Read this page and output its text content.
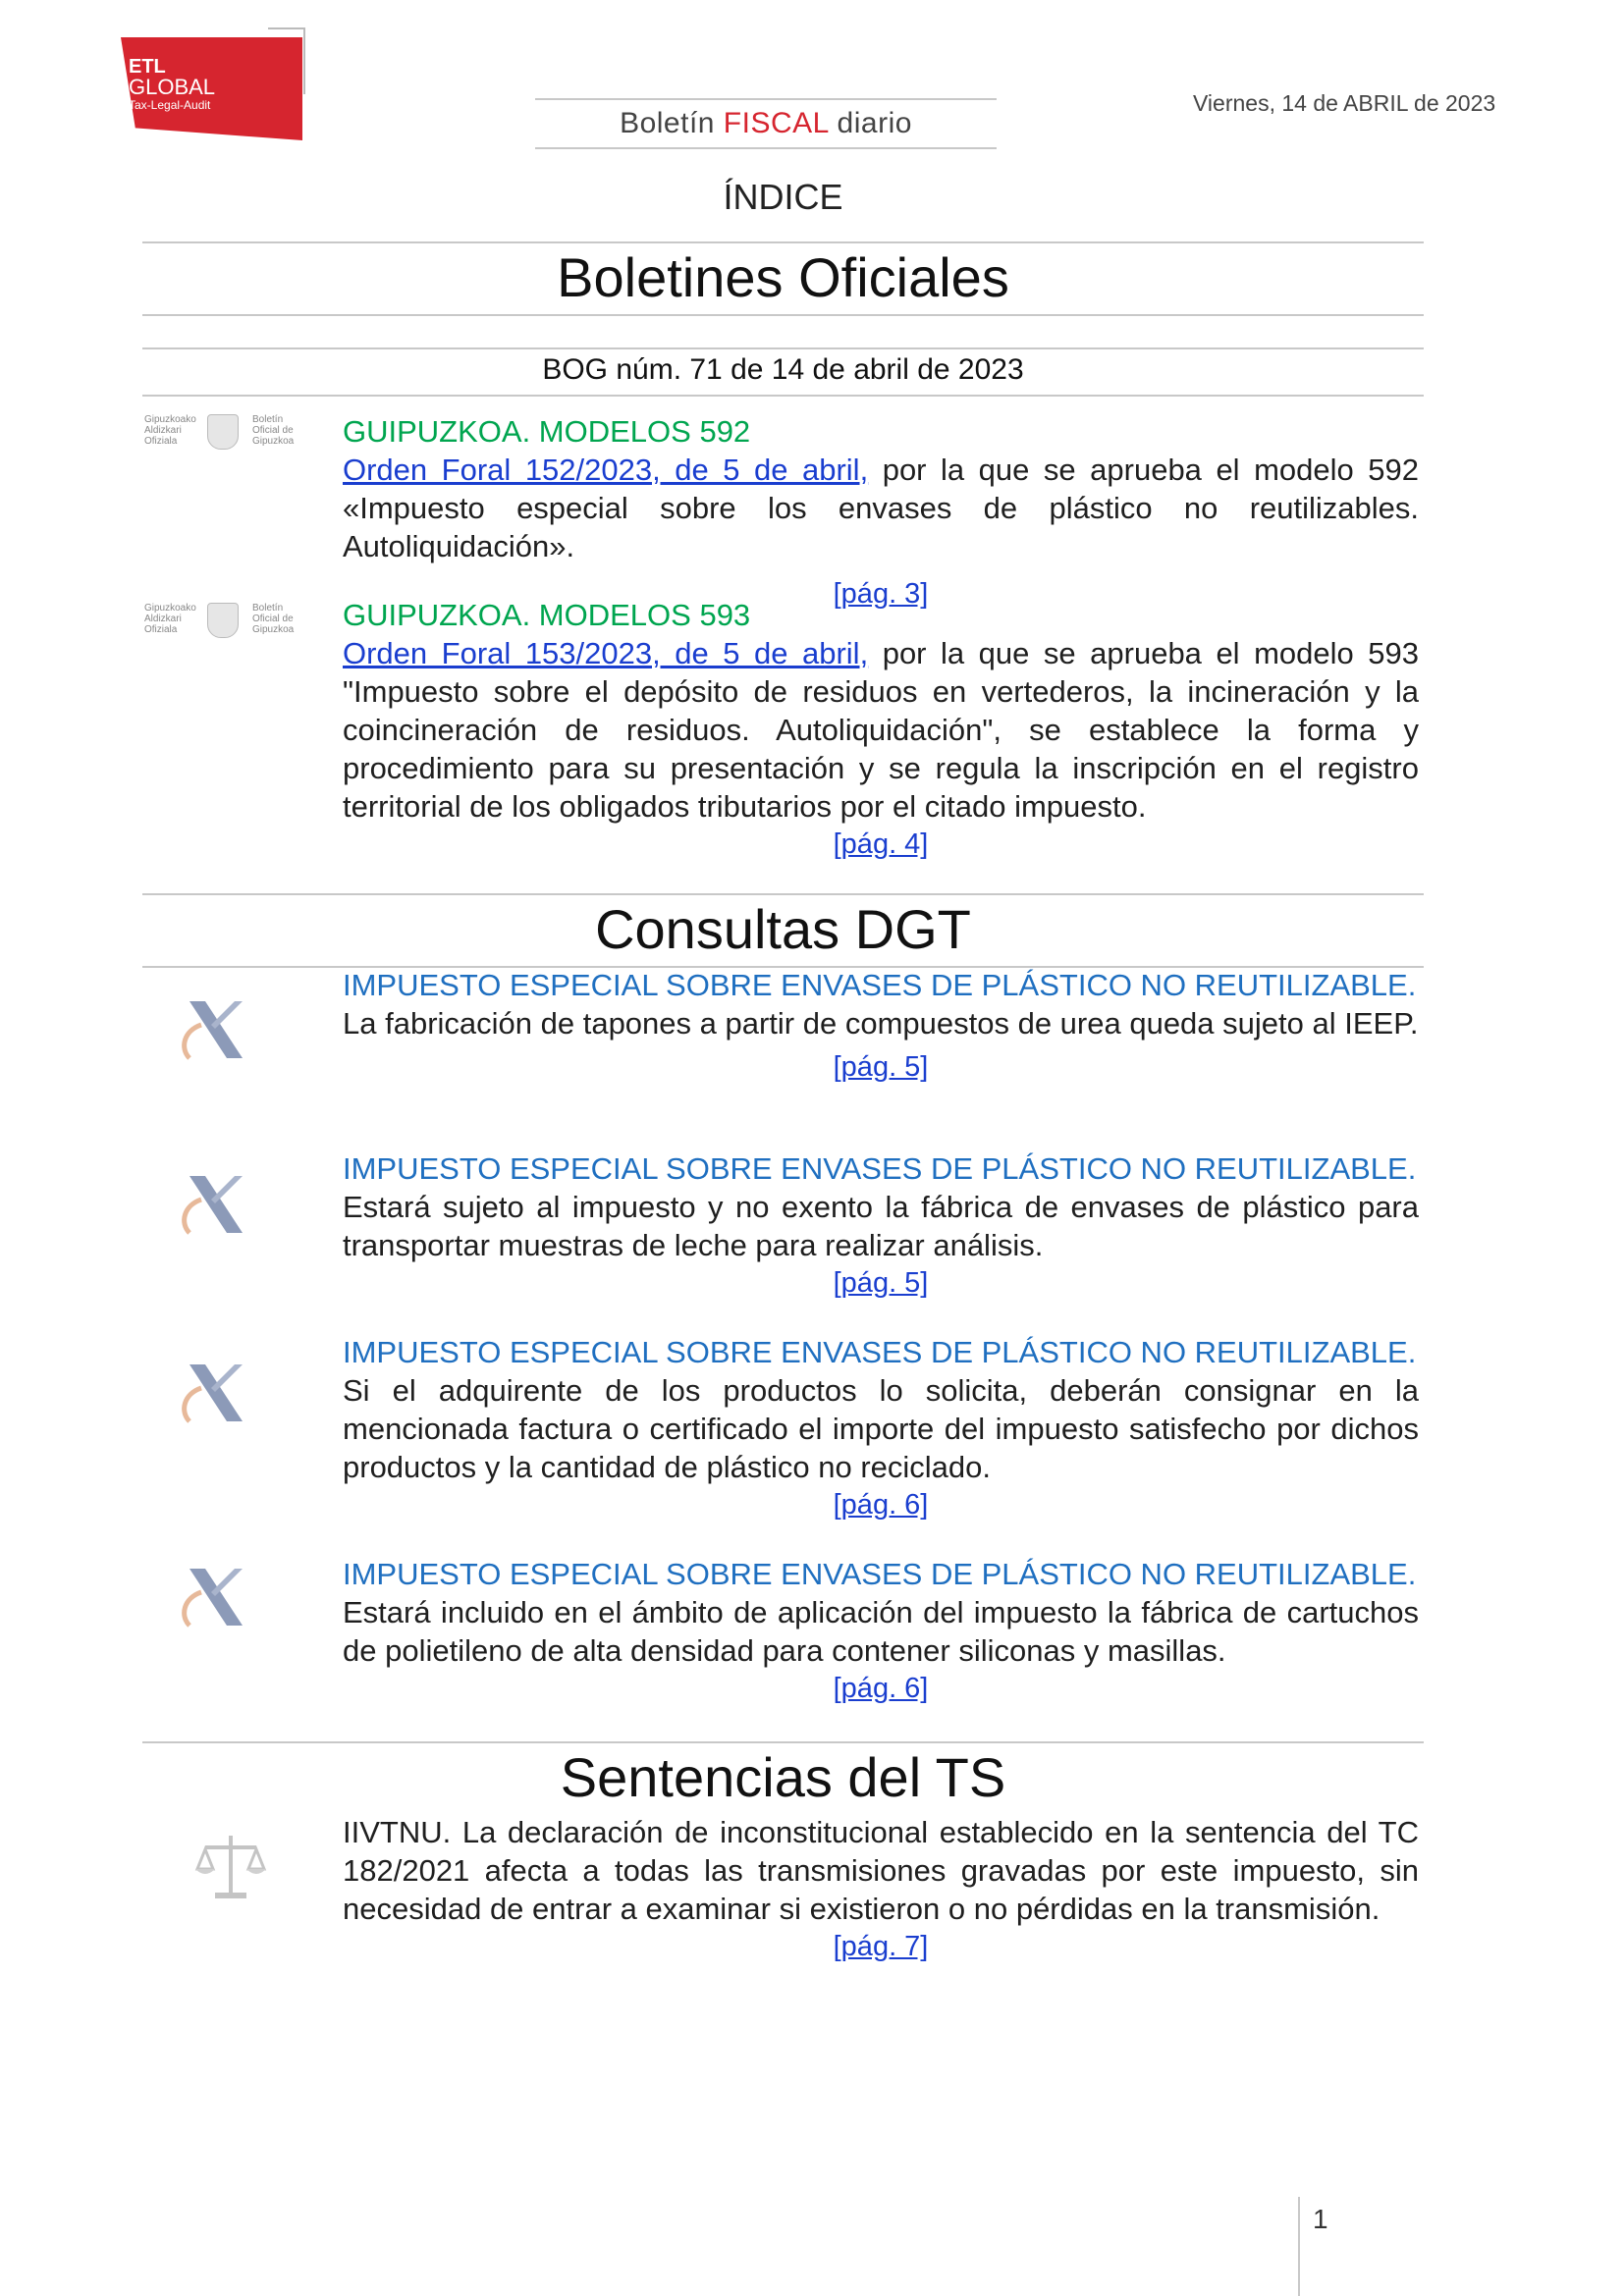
ETL
GLOBAL
Tax-Legal-Audit
Boletín FISCAL diario
Viernes, 14 de ABRIL de 2023
ÍNDICE
Boletines Oficiales
BOG núm. 71 de 14 de abril de 2023
Gipuzkoako
Aldizkari
Ofiziala
Boletín
Oficial de
Gipuzkoa GUIPUZKOA. MODELOS 592

Orden Foral 152/2023, de 5 de abril, por la que se aprueba el modelo 592 «Impuesto especial sobre los envases de plástico no reutilizables. Autoliquidación».

[pág. 3]
Gipuzkoako
Aldizkari
Ofiziala
Boletín
Oficial de
Gipuzkoa GUIPUZKOA. MODELOS 593

Orden Foral 153/2023, de 5 de abril, por la que se aprueba el modelo 593 "Impuesto sobre el depósito de residuos en vertederos, la incineración y la coincineración de residuos. Autoliquidación", se establece la forma y procedimiento para su presentación y se regula la inscripción en el registro territorial de los obligados tributarios por el citado impuesto.

[pág. 4]
Consultas DGT

IMPUESTO ESPECIAL SOBRE ENVASES DE PLÁSTICO NO REUTILIZABLE.

La fabricación de tapones a partir de compuestos de urea queda sujeto al IEEP.

[pág. 5]

IMPUESTO ESPECIAL SOBRE ENVASES DE PLÁSTICO NO REUTILIZABLE.

Estará sujeto al impuesto y no exento la fábrica de envases de plástico para transportar muestras de leche para realizar análisis.

[pág. 5]

IMPUESTO ESPECIAL SOBRE ENVASES DE PLÁSTICO NO REUTILIZABLE.

Si el adquirente de los productos lo solicita, deberán consignar en la mencionada factura o certificado el importe del impuesto satisfecho por dichos productos y la cantidad de plástico no reciclado.

[pág. 6]

IMPUESTO ESPECIAL SOBRE ENVASES DE PLÁSTICO NO REUTILIZABLE.

Estará incluido en el ámbito de aplicación del impuesto la fábrica de cartuchos de polietileno de alta densidad para contener siliconas y masillas.

[pág. 6]
Sentencias del TS

IIVTNU. La declaración de inconstitucional establecido en la sentencia del TC 182/2021 afecta a todas las transmisiones gravadas por este impuesto, sin necesidad de entrar a examinar si existieron o no pérdidas en la transmisión.

[pág. 7]
1
